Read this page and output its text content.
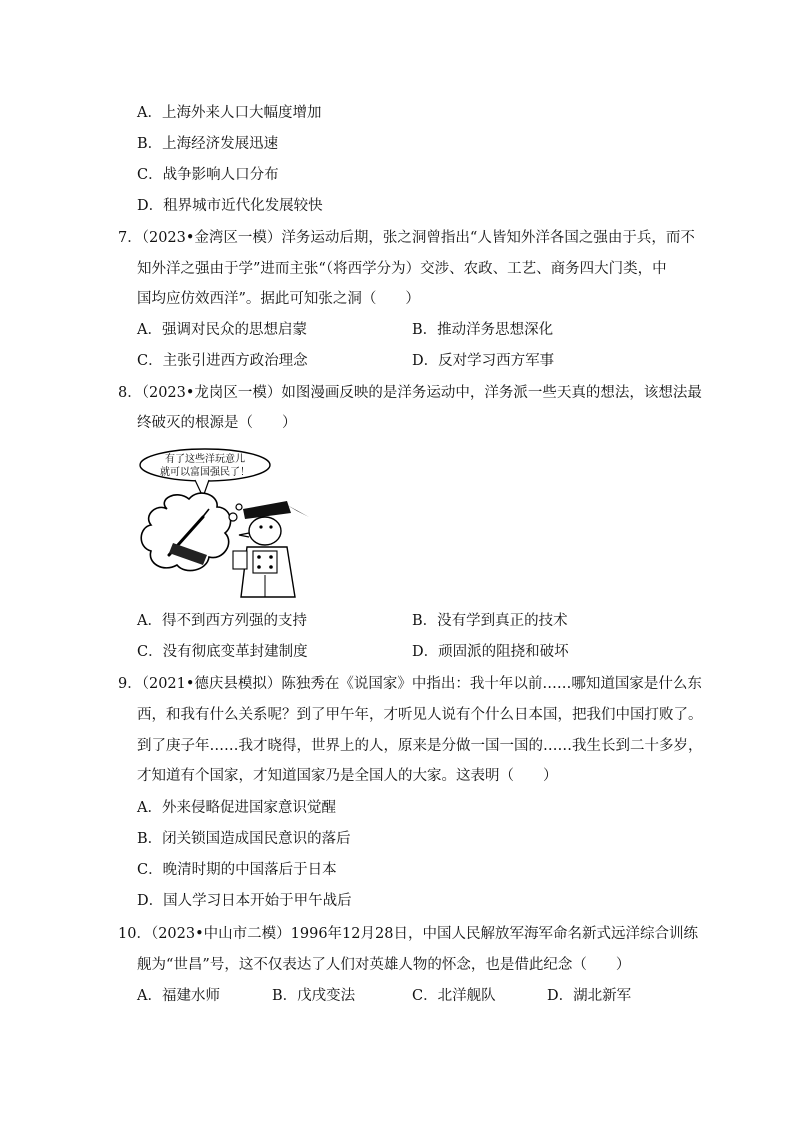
A．上海外来人口大幅度增加
B．上海经济发展迅速
C．战争影响人口分布
D．租界城市近代化发展较快
7．（2023•金湾区一模）洋务运动后期，张之洞曾指出“人皆知外洋各国之强由于兵，而不
知外洋之强由于学”进而主张“（将西学分为）交涉、农政、工艺、商务四大门类，中
国均应仿效西洋”。据此可知张之洞（　　）
A．强调对民众的思想启蒙	B．推动洋务思想深化
C．主张引进西方政治理念	D．反对学习西方军事
8．（2023•龙岗区一模）如图漫画反映的是洋务运动中，洋务派一些天真的想法，该想法最
终破灭的根源是（　　）
有了这些洋玩意儿
就可以富国强民了！
A．得不到西方列强的支持	B．没有学到真正的技术
C．没有彻底变革封建制度	D．顽固派的阻挠和破坏
9．（2021•德庆县模拟）陈独秀在《说国家》中指出：我十年以前……哪知道国家是什么东
西，和我有什么关系呢？到了甲午年，才听见人说有个什么日本国，把我们中国打败了。
到了庚子年……我才晓得，世界上的人，原来是分做一国一国的……我生长到二十多岁，
才知道有个国家，才知道国家乃是全国人的大家。这表明（　　）
A．外来侵略促进国家意识觉醒
B．闭关锁国造成国民意识的落后
C．晚清时期的中国落后于日本
D．国人学习日本开始于甲午战后
10．（2023•中山市二模）1996年12月28日，中国人民解放军海军命名新式远洋综合训练
舰为“世昌”号，这不仅表达了人们对英雄人物的怀念，也是借此纪念（　　）
A．福建水师	B．戊戌变法	C．北洋舰队	D．湖北新军
